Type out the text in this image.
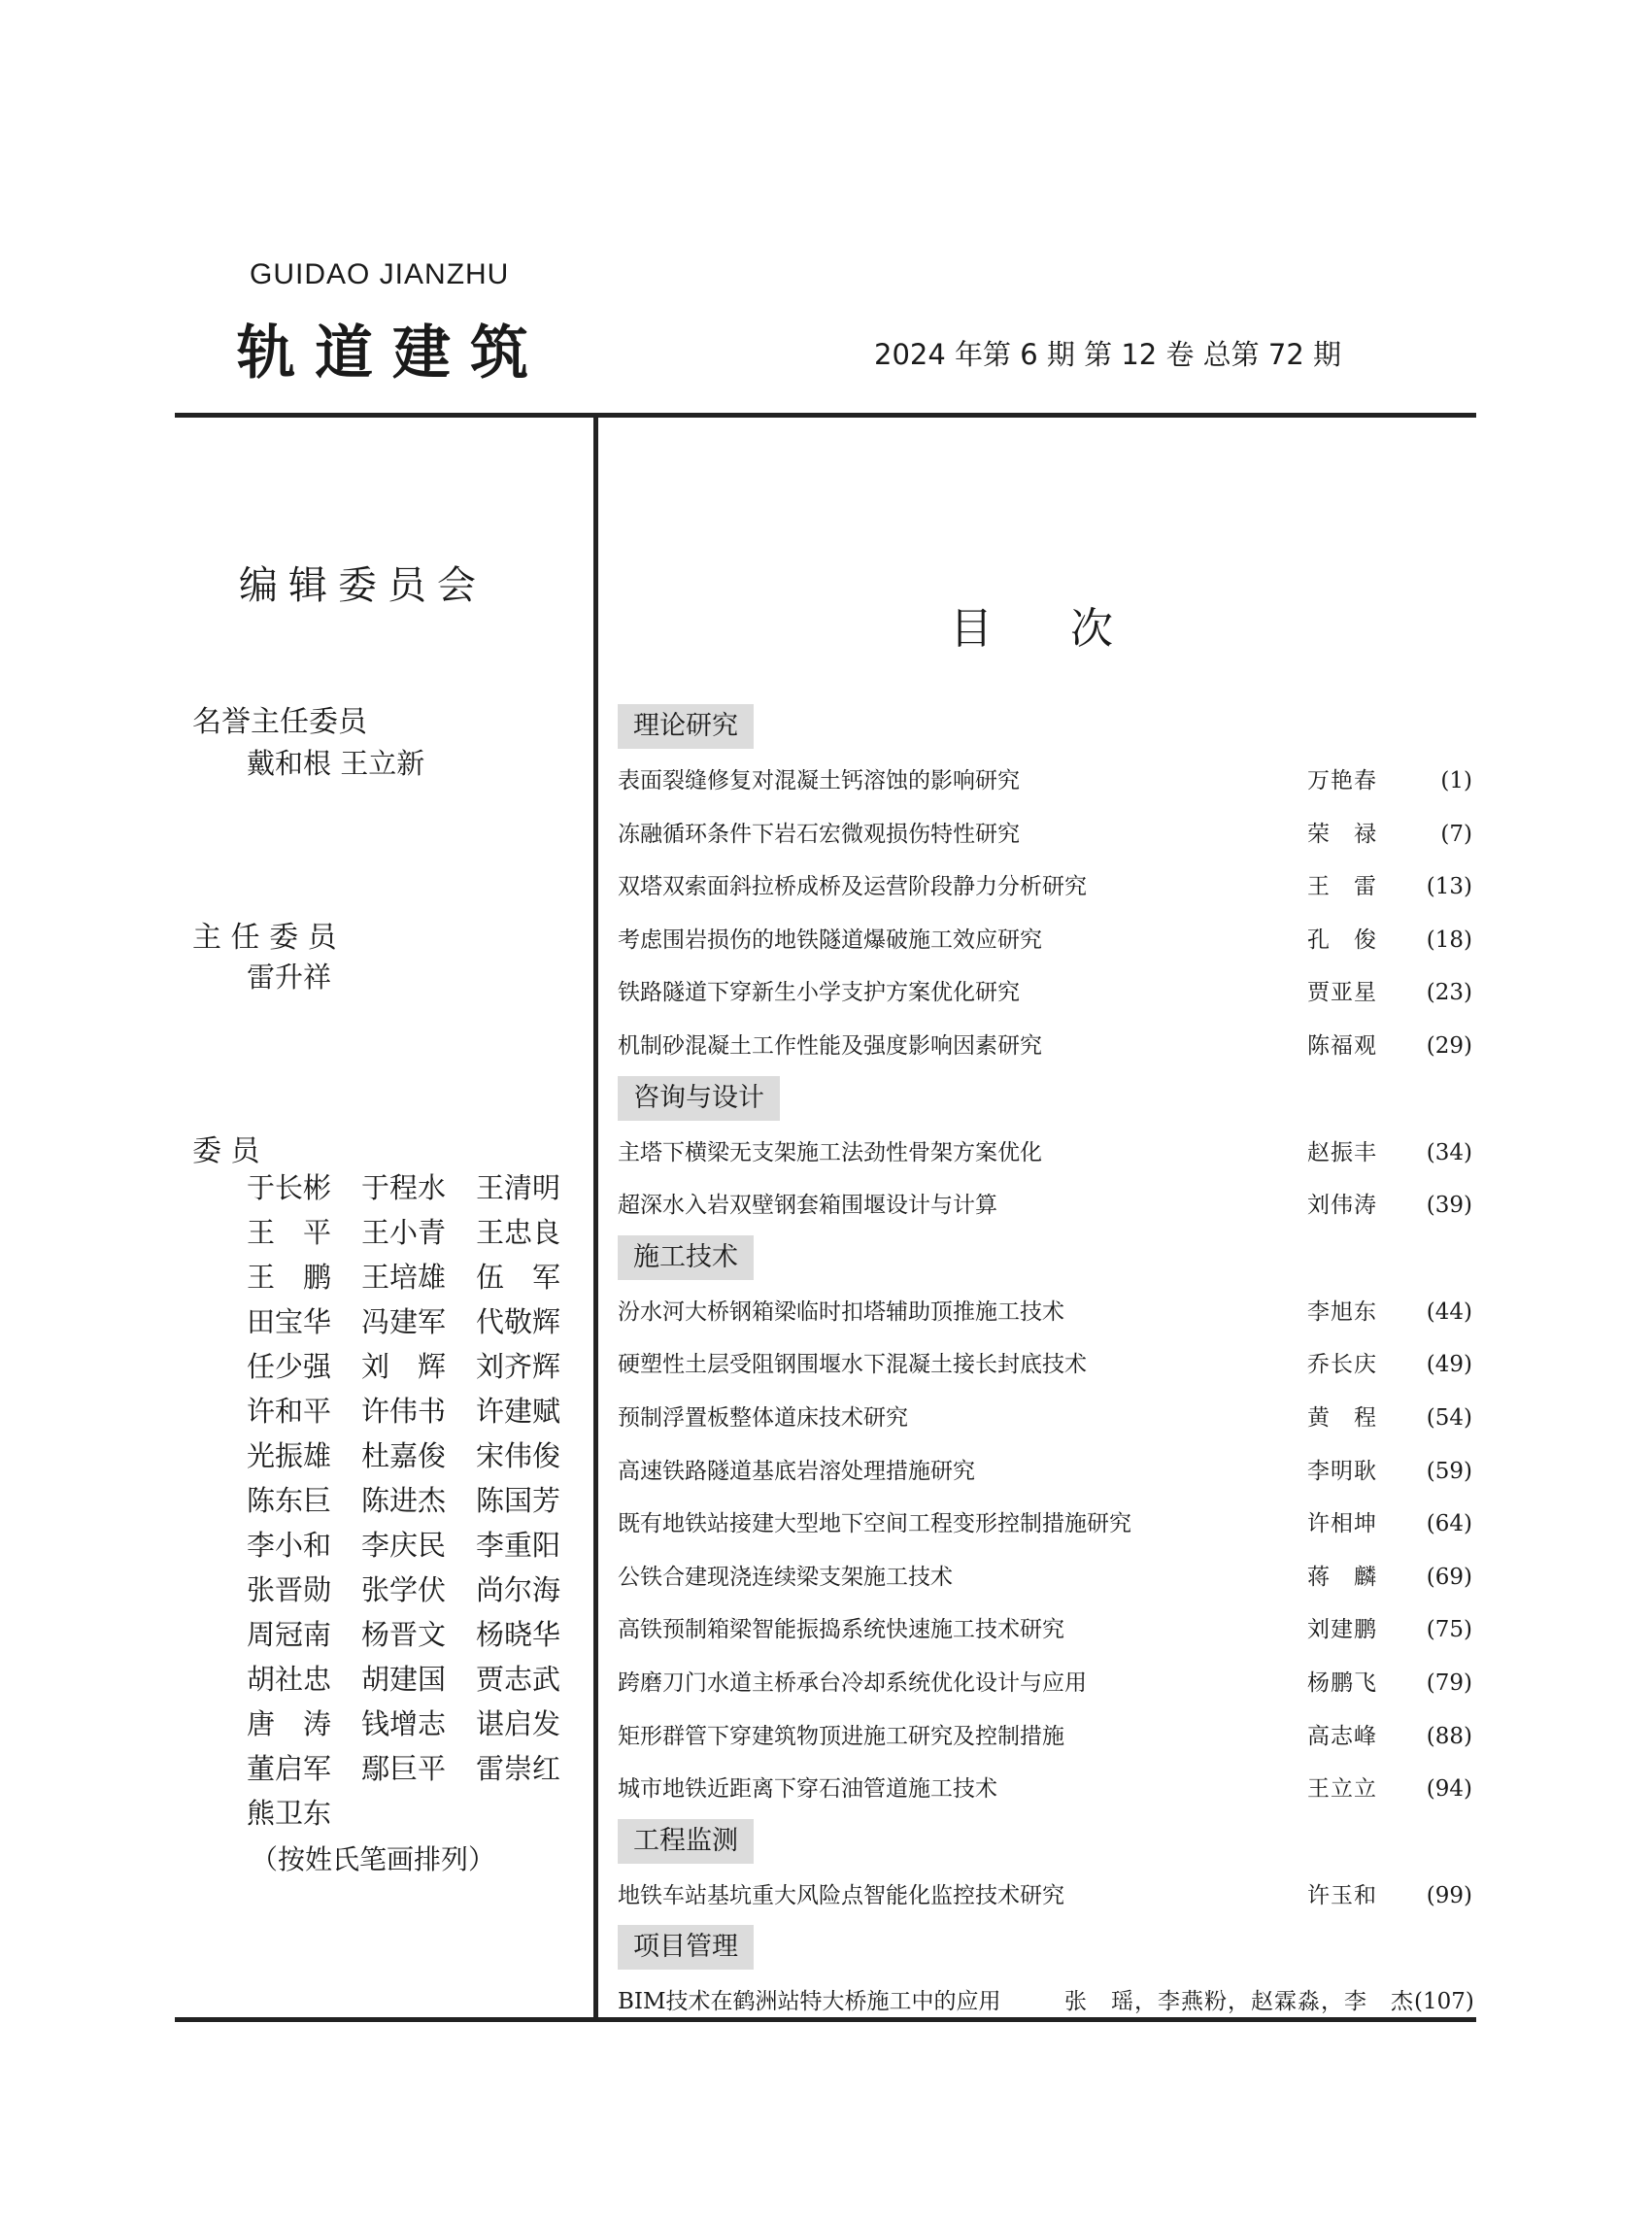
GUIDAO JIANZHU
轨道建筑	2024 年第 6 期 第 12 卷 总第 72 期
编辑委员会
名誉主任委员
戴和根 王立新
主 任 委 员
雷升祥
委 员
于长彬	于程水	王清明
王　平	王小青	王忠良
王　鹏	王培雄	伍　军
田宝华	冯建军	代敬辉
任少强	刘　辉	刘齐辉
许和平	许伟书	许建赋
光振雄	杜嘉俊	宋伟俊
陈东巨	陈进杰	陈国芳
李小和	李庆民	李重阳
张晋勋	张学伏	尚尔海
周冠南	杨晋文	杨晓华
胡社忠	胡建国	贾志武
唐　涛	钱增志	谌启发
董启军	鄢巨平	雷崇红
熊卫东
（按姓氏笔画排列）
目次
理论研究
表面裂缝修复对混凝土钙溶蚀的影响研究	万艳春	(1)
冻融循环条件下岩石宏微观损伤特性研究	荣　禄	(7)
双塔双索面斜拉桥成桥及运营阶段静力分析研究	王　雷	(13)
考虑围岩损伤的地铁隧道爆破施工效应研究	孔　俊	(18)
铁路隧道下穿新生小学支护方案优化研究	贾亚星	(23)
机制砂混凝土工作性能及强度影响因素研究	陈福观	(29)
咨询与设计
主塔下横梁无支架施工法劲性骨架方案优化	赵振丰	(34)
超深水入岩双壁钢套箱围堰设计与计算	刘伟涛	(39)
施工技术
汾水河大桥钢箱梁临时扣塔辅助顶推施工技术	李旭东	(44)
硬塑性土层受阻钢围堰水下混凝土接长封底技术	乔长庆	(49)
预制浮置板整体道床技术研究	黄　程	(54)
高速铁路隧道基底岩溶处理措施研究	李明耿	(59)
既有地铁站接建大型地下空间工程变形控制措施研究	许相坤	(64)
公铁合建现浇连续梁支架施工技术	蒋　麟	(69)
高铁预制箱梁智能振捣系统快速施工技术研究	刘建鹏	(75)
跨磨刀门水道主桥承台冷却系统优化设计与应用	杨鹏飞	(79)
矩形群管下穿建筑物顶进施工研究及控制措施	高志峰	(88)
城市地铁近距离下穿石油管道施工技术	王立立	(94)
工程监测
地铁车站基坑重大风险点智能化监控技术研究	许玉和	(99)
项目管理
BIM技术在鹤洲站特大桥施工中的应用	张　瑶，李燕粉，赵霖淼，李　杰 (107)
